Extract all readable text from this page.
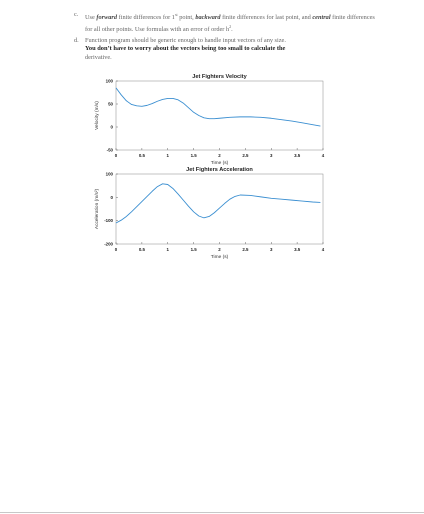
c. Use forward finite differences for 1st point, backward finite differences for last point, and central finite differences for all other points. Use formulas with an error of order $h^2$.
d. Function program should be generic enough to handle input vectors of any size.
You don’t have to worry about the vectors being too small to calculate the
derivative.
Jet Fighters Velocity
100
50
0
-50
0	0.5	1	1.5	2	2.5	3	3.5	4
Time (s)
Velocity (m/s)
Jet Fighters Acceleration
100
0
-100
-200
0	0.5	1	1.5	2	2.5	3	3.5	4
Time (s)
Acceleration (m/s²)
